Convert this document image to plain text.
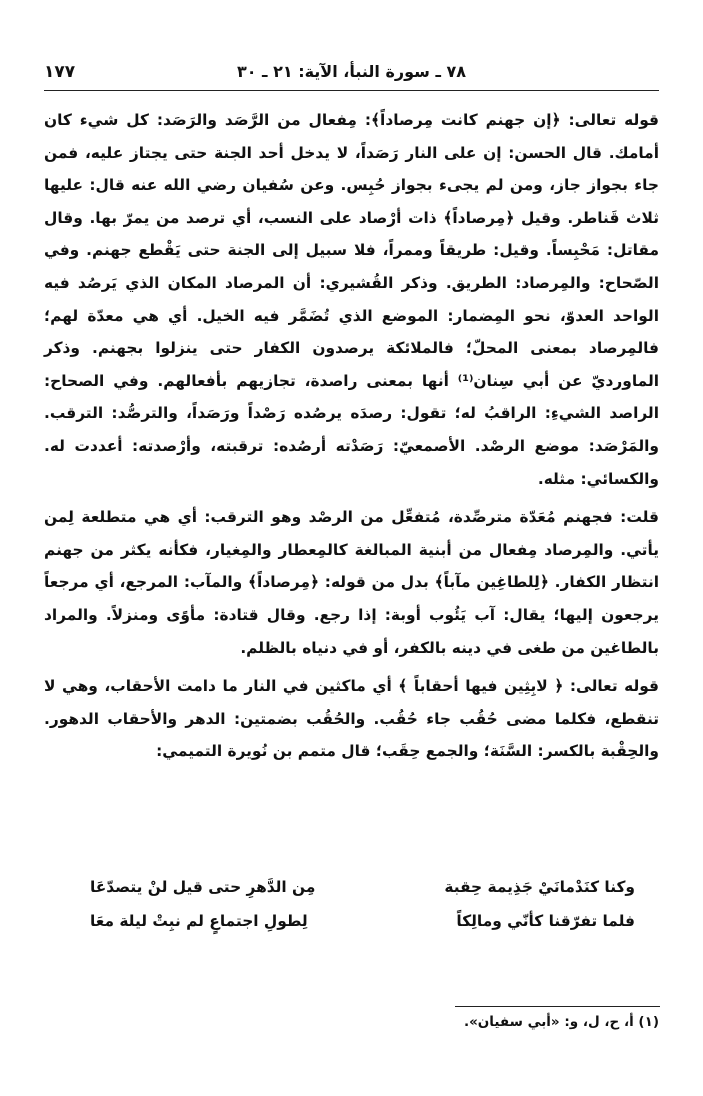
٧٨ ـ سورة النبأ، الآية: ٢١ ـ ٣٠
١٧٧

قوله تعالى: ﴿إن جهنم كانت مِرصاداً﴾: مِفعال من الرَّصَد والرَصَد: كل شيء كان أمامك. قال الحسن: إن على النار رَصَداً، لا يدخل أحد الجنة حتى يجتاز عليه، فمن جاء بجواز جاز، ومن لم يجىء بجواز حُبِس. وعن سُفيان رضي الله عنه قال: عليها ثلاث قَناطر. وقيل ﴿مِرصاداً﴾ ذات أرْصاد على النسب، أي ترصد من يمرّ بها. وقال مقاتل: مَحْبِساً. وقيل: طريقاً وممراً، فلا سبيل إلى الجنة حتى يَقْطع جهنم. وفي الصّحاح: والمِرصاد: الطريق. وذكر القُشيري: أن المرصاد المكان الذي يَرصُد فيه الواحد العدوّ، نحو المِضمار: الموضع الذي تُضَمَّر فيه الخيل. أي هي معدّة لهم؛ فالمِرصاد بمعنى المحلّ؛ فالملائكة يرصدون الكفار حتى ينزلوا بجهنم. وذكر الماورديّ عن أبي سِنان⁽¹⁾ أنها بمعنى راصدة، تجازيهم بأفعالهم. وفي الصحاح: الراصد الشيءِ: الراقبُ له؛ تقول: رصدَه يرصُده رَصْداً ورَصَداً، والترصُّد: الترقب. والمَرْصَد: موضع الرصْد. الأصمعيّ: رَصَدْته أرصُده: ترقبته، وأرْصدته: أعددت له. والكسائي: مثله.

قلت: فجهنم مُعَدّة مترصِّدة، مُتفعِّل من الرصْد وهو الترقب: أي هي متطلعة لِمن يأتي. والمِرصاد مِفعال من أبنية المبالغة كالمِعطار والمِغيار، فكأنه يكثر من جهنم انتظار الكفار. ﴿لِلطاغِين مآباً﴾ بدل من قوله: ﴿مِرصاداً﴾ والمآب: المرجع، أي مرجعاً يرجعون إليها؛ يقال: آب يَئُوب أوبة: إذا رجع. وقال قتادة: مأوًى ومنزلاً. والمراد بالطاغين من طغى في دينه بالكفر، أو في دنياه بالظلم.

قوله تعالى: ﴿ لابِثِين فيها أحقاباً ﴾ أي ماكثين في النار ما دامت الأحقاب، وهي لا تنقطع، فكلما مضى حُقُب جاء حُقُب. والحُقُب بضمتين: الدهر والأحقاب الدهور. والحِقْبة بالكسر: السَّنَة؛ والجمع حِقَب؛ قال متمم بن نُويرة التميمي:

وكنا كنَدْمانَيْ جَذِيمة حِقبة
مِن الدَّهرِ حتى قيل لنْ يتصدّعَا
فلما تفرّقنا كأنّي ومالِكاً
لِطولِ اجتماعٍ لم نبِتْ ليلة معَا
(١) أ، ح، ل، و: «أبي سفيان».
